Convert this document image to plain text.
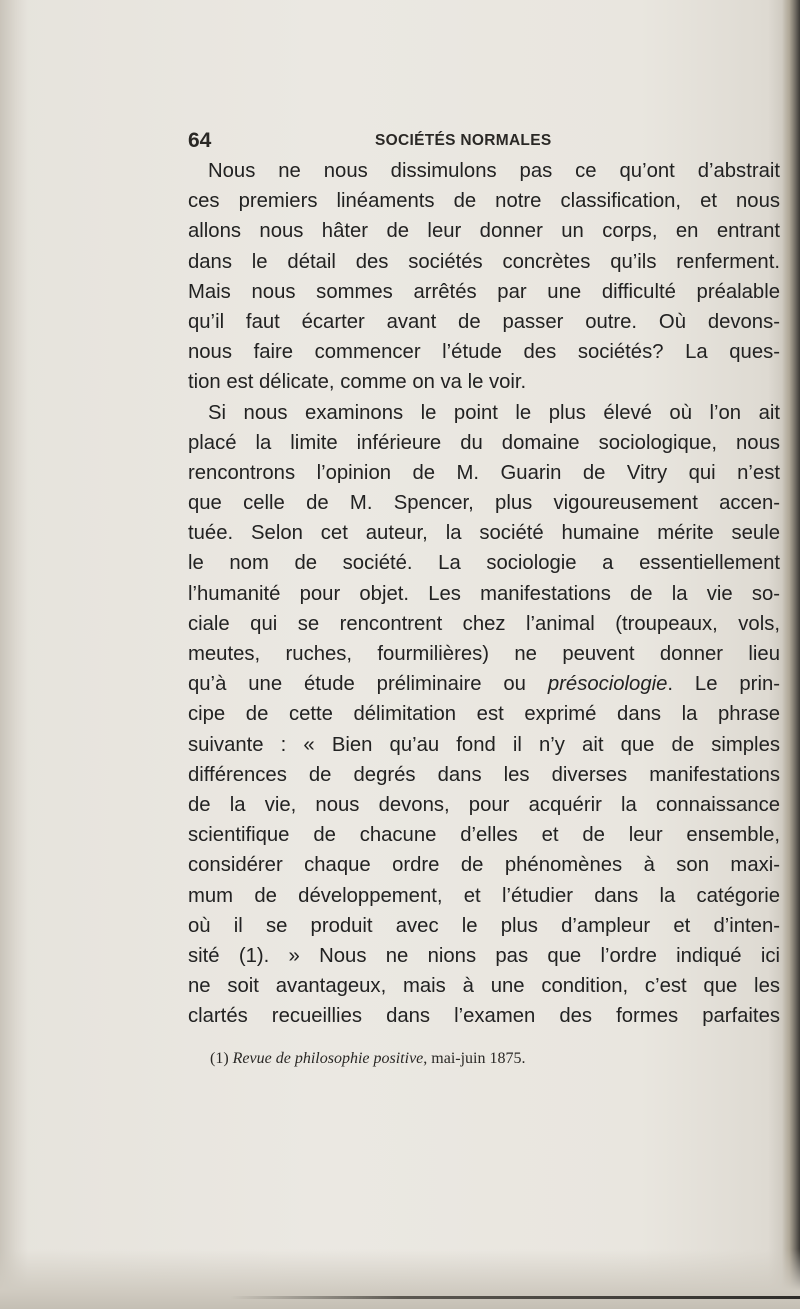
64	SOCIÉTÉS NORMALES
Nous ne nous dissimulons pas ce qu’ont d’abstrait
ces premiers linéaments de notre classification, et nous
allons nous hâter de leur donner un corps, en entrant
dans le détail des sociétés concrètes qu’ils renferment.
Mais nous sommes arrêtés par une difficulté préalable
qu’il faut écarter avant de passer outre. Où devons-
nous faire commencer l’étude des sociétés? La ques-
tion est délicate, comme on va le voir.
Si nous examinons le point le plus élevé où l’on ait
placé la limite inférieure du domaine sociologique, nous
rencontrons l’opinion de M. Guarin de Vitry qui n’est
que celle de M. Spencer, plus vigoureusement accen-
tuée. Selon cet auteur, la société humaine mérite seule
le nom de société. La sociologie a essentiellement
l’humanité pour objet. Les manifestations de la vie so-
ciale qui se rencontrent chez l’animal (troupeaux, vols,
meutes, ruches, fourmilières) ne peuvent donner lieu
qu’à une étude préliminaire ou présociologie. Le prin-
cipe de cette délimitation est exprimé dans la phrase
suivante : « Bien qu’au fond il n’y ait que de simples
différences de degrés dans les diverses manifestations
de la vie, nous devons, pour acquérir la connaissance
scientifique de chacune d’elles et de leur ensemble,
considérer chaque ordre de phénomènes à son maxi-
mum de développement, et l’étudier dans la catégorie
où il se produit avec le plus d’ampleur et d’inten-
sité (1). » Nous ne nions pas que l’ordre indiqué ici
ne soit avantageux, mais à une condition, c’est que les
clartés recueillies dans l’examen des formes parfaites
(1) Revue de philosophie positive, mai-juin 1875.
